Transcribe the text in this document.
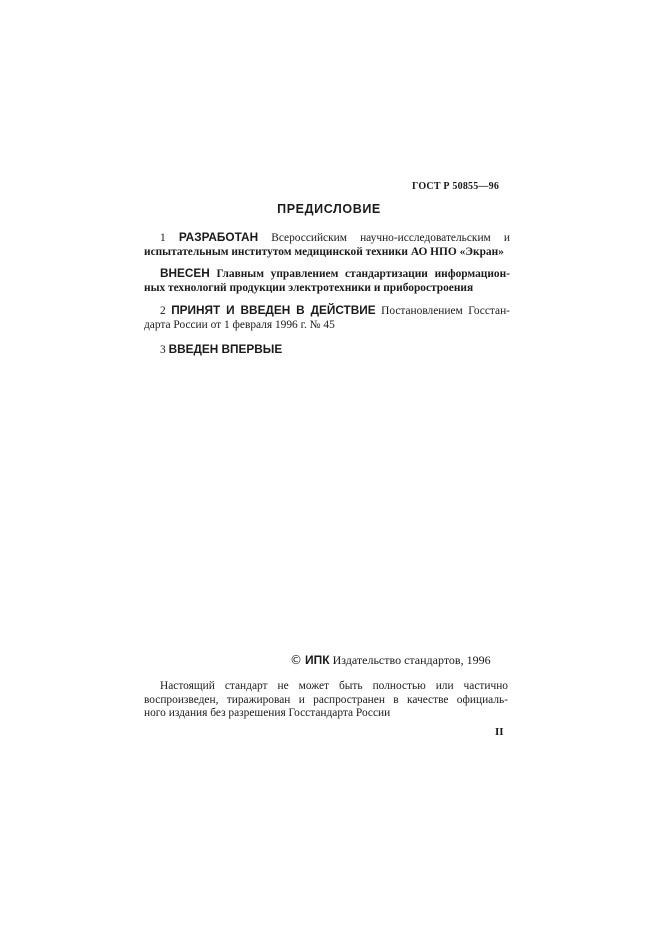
ГОСТ Р 50855—96
ПРЕДИСЛОВИЕ
1 РАЗРАБОТАН Всероссийским научно-исследовательским и
испытательным институтом медицинской техники АО НПО «Экран»
ВНЕСЕН Главным управлением стандартизации информацион-
ных технологий продукции электротехники и приборостроения
2 ПРИНЯТ И ВВЕДЕН В ДЕЙСТВИЕ Постановлением Госстан-
дарта России от 1 февраля 1996 г. № 45
3 ВВЕДЕН ВПЕРВЫЕ
© ИПК Издательство стандартов, 1996
Настоящий стандарт не может быть полностью или частично
воспроизведен, тиражирован и распространен в качестве официаль-
ного издания без разрешения Госстандарта России
II
